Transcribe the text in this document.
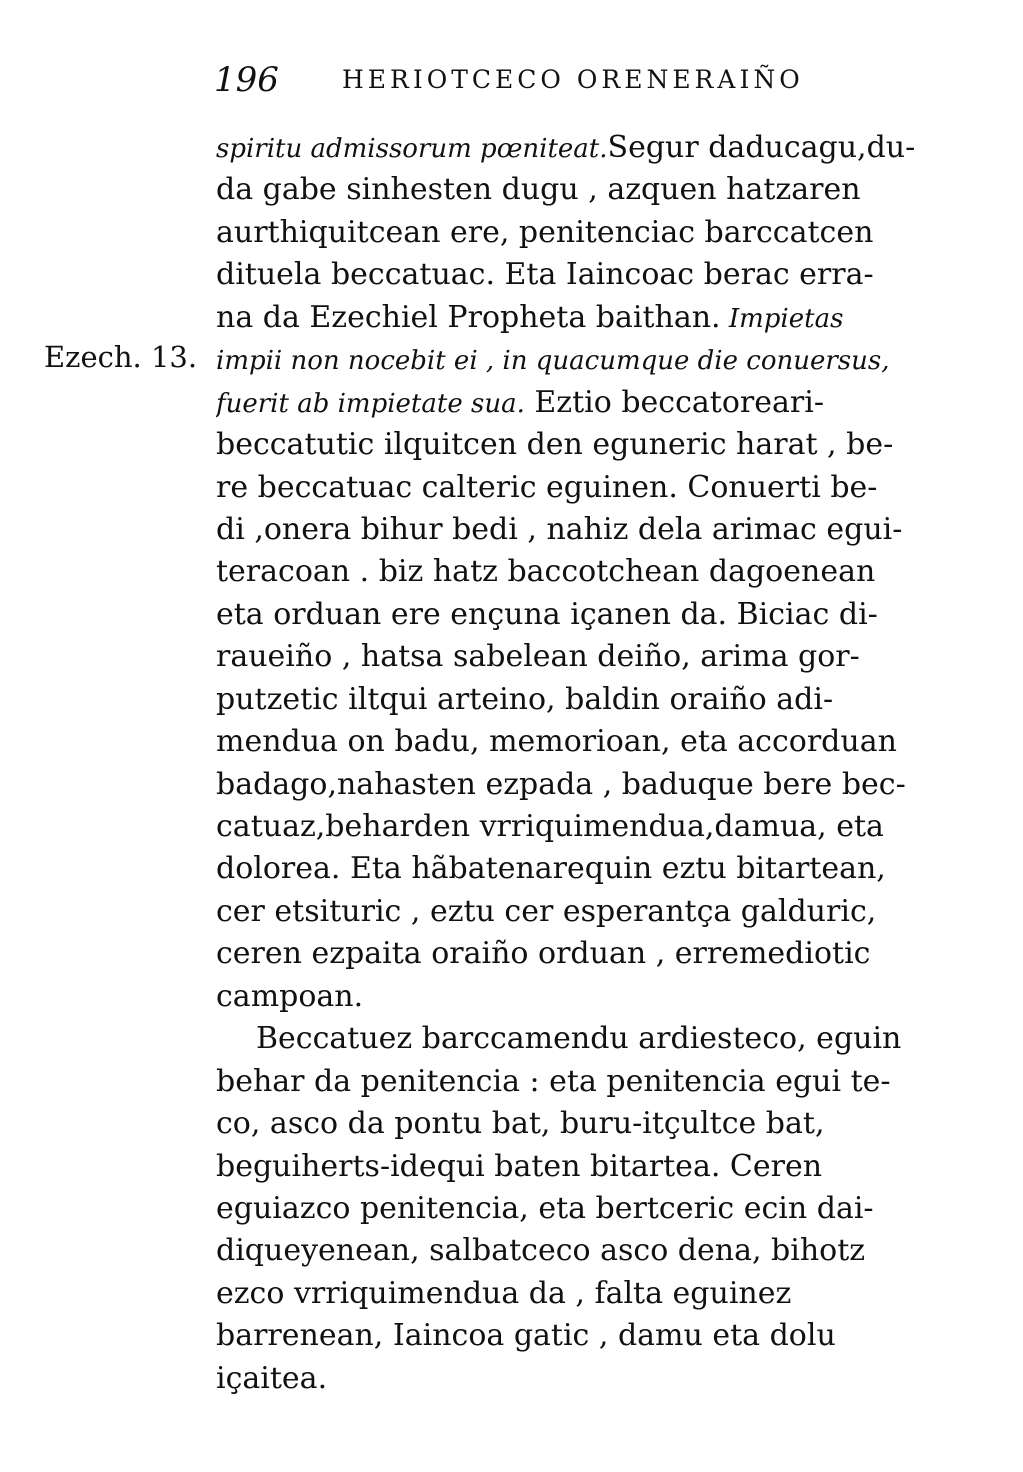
196	HERIOTCECO ORENERAIÑO
Ezech. 13.
spiritu admissorum pœniteat.Segur daducagu,du-
da gabe sinhesten dugu , azquen hatzaren
aurthiquitcean ere, penitenciac barccatcen
dituela beccatuac. Eta Iaincoac berac erra-
na da Ezechiel Propheta baithan. Impietas
impii non nocebit ei , in quacumque die conuersus,
fuerit ab impietate sua. Eztio beccatoreari-
beccatutic ilquitcen den eguneric harat , be-
re beccatuac calteric eguinen. Conuerti be-
di ,onera bihur bedi , nahiz dela arimac egui-
teracoan . biz hatz baccotchean dagoenean
eta orduan ere ençuna içanen da. Biciac di-
raueiño , hatsa sabelean deiño, arima gor-
putzetic iltqui arteino, baldin oraiño adi-
mendua on badu, memorioan, eta accorduan
badago,nahasten ezpada , baduque bere bec-
catuaz,beharden vrriquimendua,damua, eta
dolorea. Eta hãbatenarequin eztu bitartean,
cer etsituric , eztu cer esperantça galduric,
ceren ezpaita oraiño orduan , erremediotic
campoan.
Beccatuez barccamendu ardiesteco, eguin
behar da penitencia : eta penitencia egui te-
co, asco da pontu bat, buru-itçultce bat,
beguiherts-idequi baten bitartea. Ceren
eguiazco penitencia, eta bertceric ecin dai-
diqueyenean, salbatceco asco dena, bihotz
ezco vrriquimendua da , falta eguinez
barrenean, Iaincoa gatic , damu eta dolu
içaitea.
